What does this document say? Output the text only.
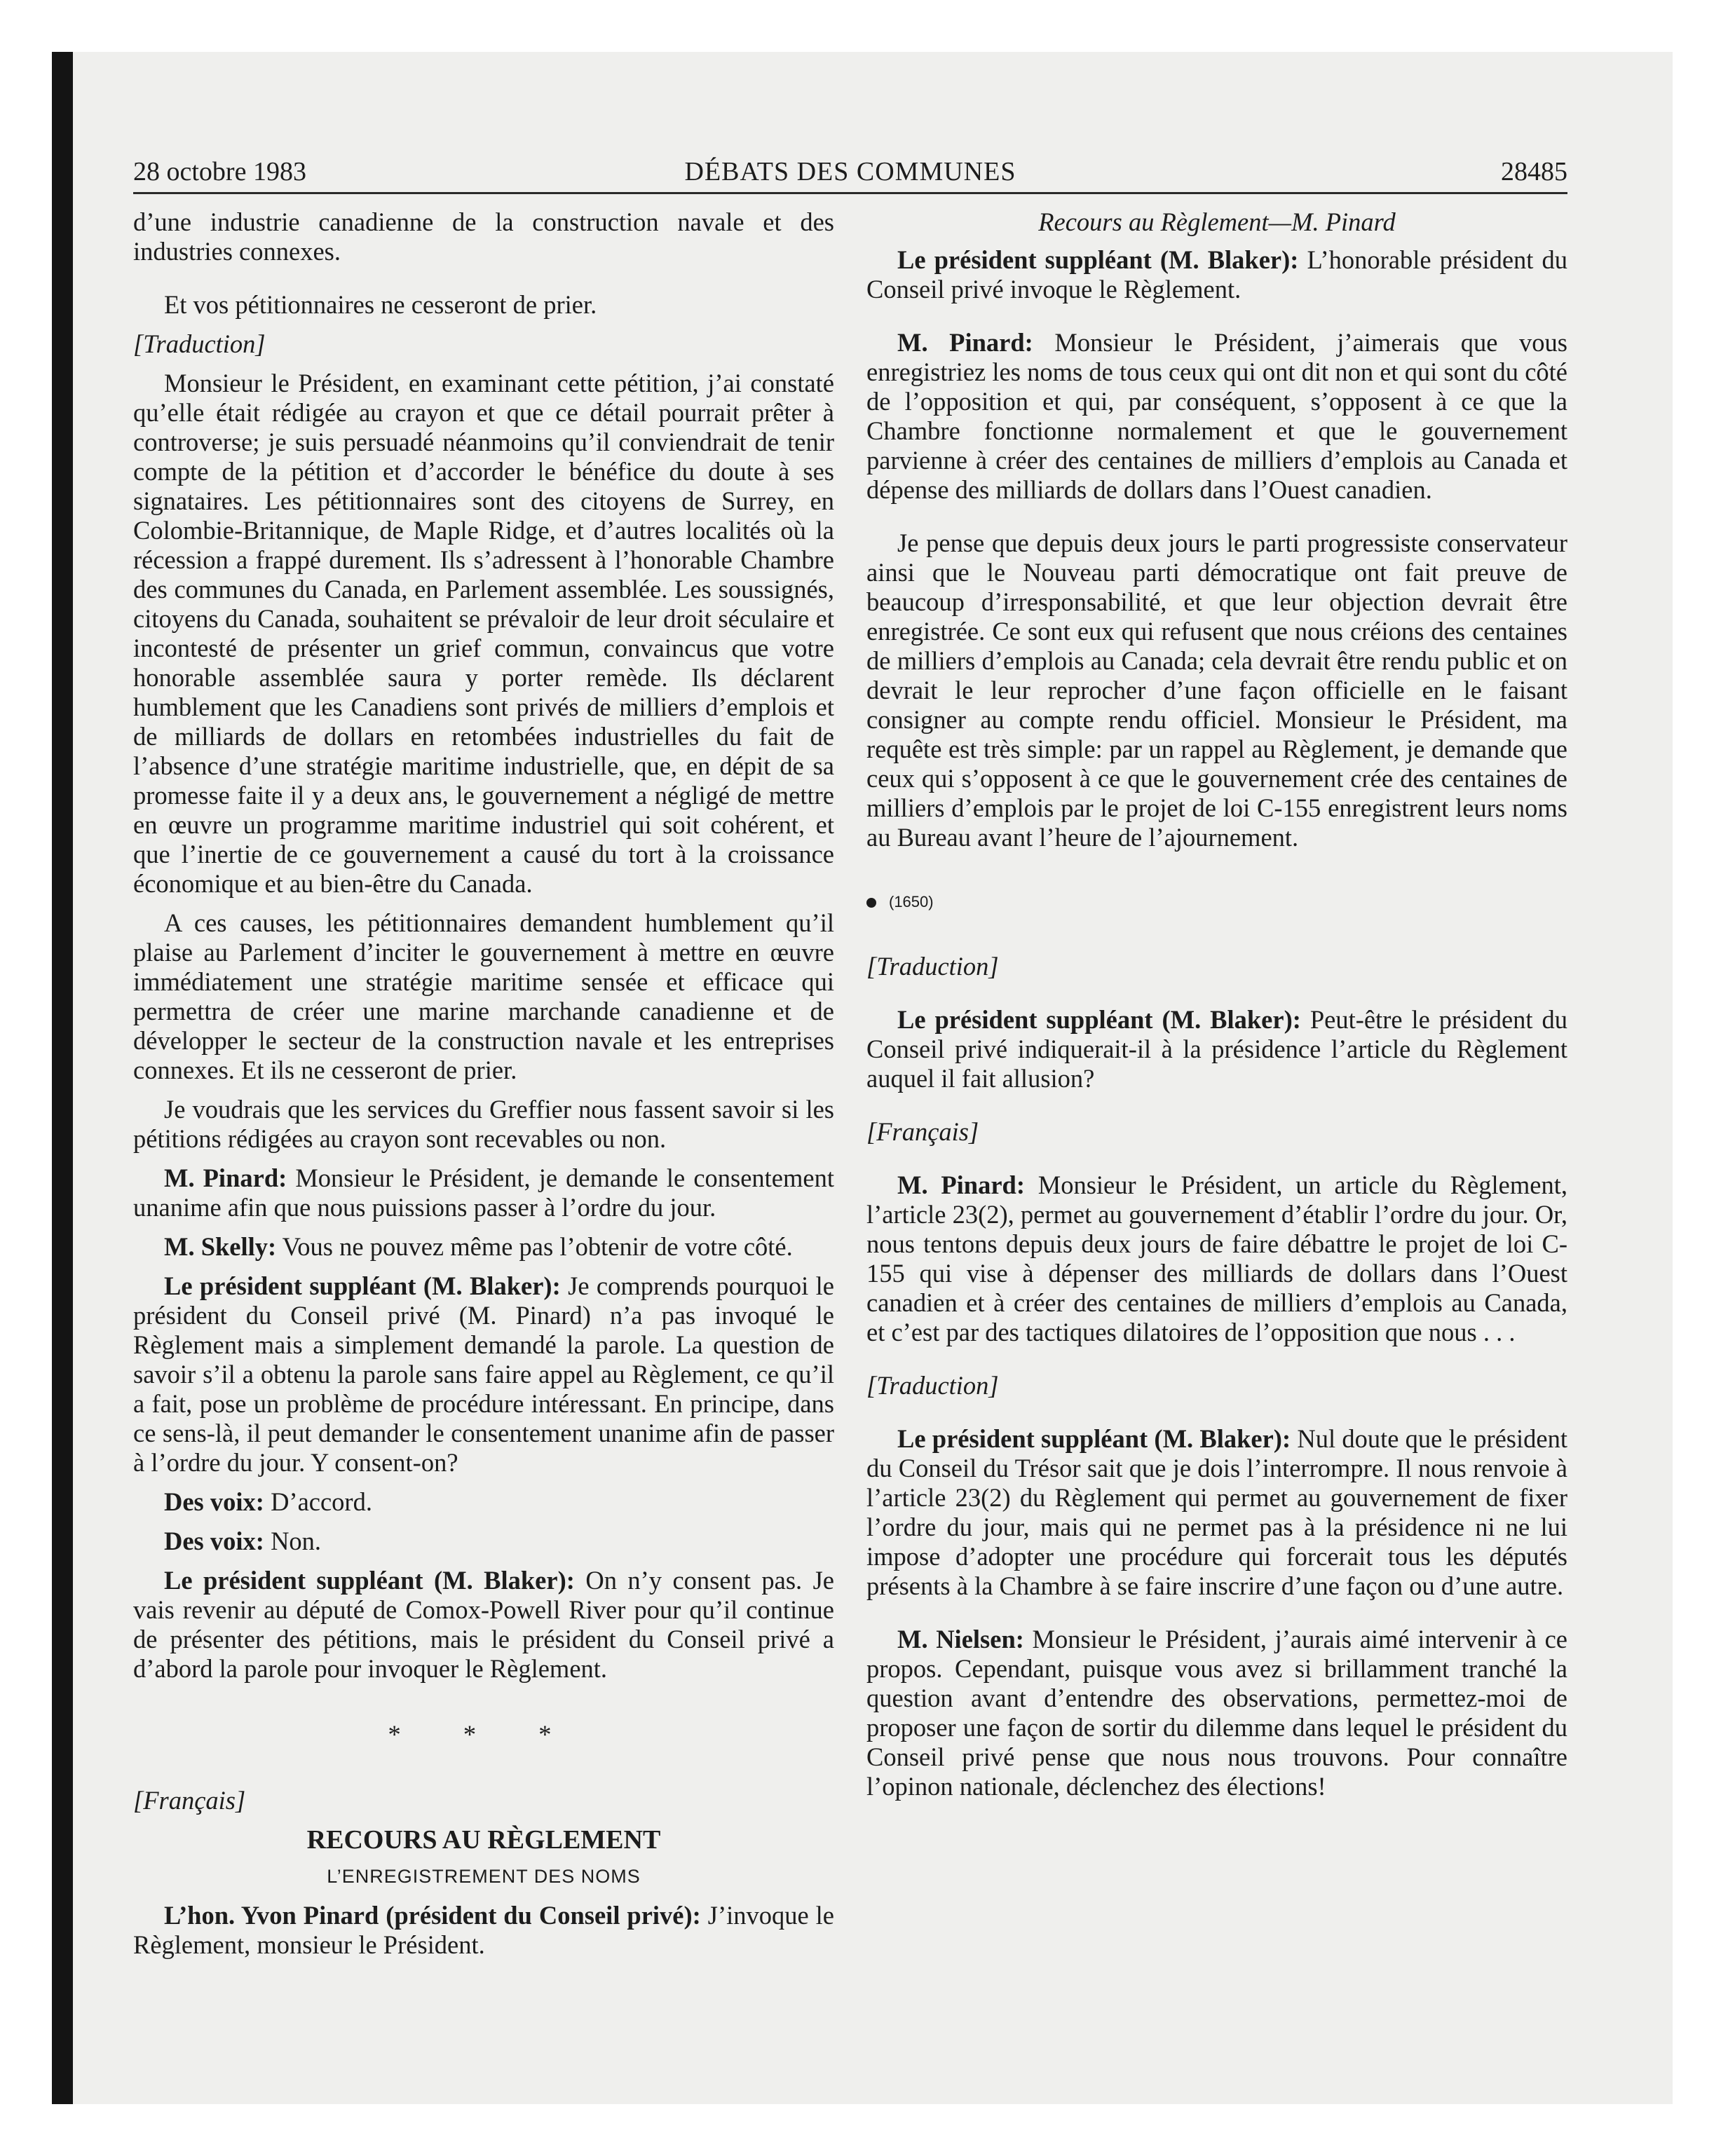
28 octobre 1983	DÉBATS DES COMMUNES	28485

d’une industrie canadienne de la construction navale et des industries connexes.

Et vos pétitionnaires ne cesseront de prier.

[Traduction]

Monsieur le Président, en examinant cette pétition, j’ai constaté qu’elle était rédigée au crayon et que ce détail pourrait prêter à controverse; je suis persuadé néanmoins qu’il conviendrait de tenir compte de la pétition et d’accorder le bénéfice du doute à ses signataires. Les pétitionnaires sont des citoyens de Surrey, en Colombie-Britannique, de Maple Ridge, et d’autres localités où la récession a frappé durement. Ils s’adressent à l’honorable Chambre des communes du Canada, en Parlement assemblée. Les soussignés, citoyens du Canada, souhaitent se prévaloir de leur droit séculaire et incontesté de présenter un grief commun, convaincus que votre honorable assemblée saura y porter remède. Ils déclarent humblement que les Canadiens sont privés de milliers d’emplois et de milliards de dollars en retombées industrielles du fait de l’absence d’une stratégie maritime industrielle, que, en dépit de sa promesse faite il y a deux ans, le gouvernement a négligé de mettre en œuvre un programme maritime industriel qui soit cohérent, et que l’inertie de ce gouvernement a causé du tort à la croissance économique et au bien-être du Canada.

A ces causes, les pétitionnaires demandent humblement qu’il plaise au Parlement d’inciter le gouvernement à mettre en œuvre immédiatement une stratégie maritime sensée et efficace qui permettra de créer une marine marchande canadienne et de développer le secteur de la construction navale et les entreprises connexes. Et ils ne cesseront de prier.

Je voudrais que les services du Greffier nous fassent savoir si les pétitions rédigées au crayon sont recevables ou non.

M. Pinard: Monsieur le Président, je demande le consentement unanime afin que nous puissions passer à l’ordre du jour.

M. Skelly: Vous ne pouvez même pas l’obtenir de votre côté.

Le président suppléant (M. Blaker): Je comprends pourquoi le président du Conseil privé (M. Pinard) n’a pas invoqué le Règlement mais a simplement demandé la parole. La question de savoir s’il a obtenu la parole sans faire appel au Règlement, ce qu’il a fait, pose un problème de procédure intéressant. En principe, dans ce sens-là, il peut demander le consentement unanime afin de passer à l’ordre du jour. Y consent-on?

Des voix: D’accord.

Des voix: Non.

Le président suppléant (M. Blaker): On n’y consent pas. Je vais revenir au député de Comox-Powell River pour qu’il continue de présenter des pétitions, mais le président du Conseil privé a d’abord la parole pour invoquer le Règlement.

* * *

[Français]

RECOURS AU RÈGLEMENT

L’ENREGISTREMENT DES NOMS

L’hon. Yvon Pinard (président du Conseil privé): J’invoque le Règlement, monsieur le Président.

Recours au Règlement—M. Pinard

Le président suppléant (M. Blaker): L’honorable président du Conseil privé invoque le Règlement.

M. Pinard: Monsieur le Président, j’aimerais que vous enregistriez les noms de tous ceux qui ont dit non et qui sont du côté de l’opposition et qui, par conséquent, s’opposent à ce que la Chambre fonctionne normalement et que le gouvernement parvienne à créer des centaines de milliers d’emplois au Canada et dépense des milliards de dollars dans l’Ouest canadien.

Je pense que depuis deux jours le parti progressiste conservateur ainsi que le Nouveau parti démocratique ont fait preuve de beaucoup d’irresponsabilité, et que leur objection devrait être enregistrée. Ce sont eux qui refusent que nous créions des centaines de milliers d’emplois au Canada; cela devrait être rendu public et on devrait le leur reprocher d’une façon officielle en le faisant consigner au compte rendu officiel. Monsieur le Président, ma requête est très simple: par un rappel au Règlement, je demande que ceux qui s’opposent à ce que le gouvernement crée des centaines de milliers d’emplois par le projet de loi C-155 enregistrent leurs noms au Bureau avant l’heure de l’ajournement.

(1650)

[Traduction]

Le président suppléant (M. Blaker): Peut-être le président du Conseil privé indiquerait-il à la présidence l’article du Règlement auquel il fait allusion?

[Français]

M. Pinard: Monsieur le Président, un article du Règlement, l’article 23(2), permet au gouvernement d’établir l’ordre du jour. Or, nous tentons depuis deux jours de faire débattre le projet de loi C-155 qui vise à dépenser des milliards de dollars dans l’Ouest canadien et à créer des centaines de milliers d’emplois au Canada, et c’est par des tactiques dilatoires de l’opposition que nous . . .

[Traduction]

Le président suppléant (M. Blaker): Nul doute que le président du Conseil du Trésor sait que je dois l’interrompre. Il nous renvoie à l’article 23(2) du Règlement qui permet au gouvernement de fixer l’ordre du jour, mais qui ne permet pas à la présidence ni ne lui impose d’adopter une procédure qui forcerait tous les députés présents à la Chambre à se faire inscrire d’une façon ou d’une autre.

M. Nielsen: Monsieur le Président, j’aurais aimé intervenir à ce propos. Cependant, puisque vous avez si brillamment tranché la question avant d’entendre des observations, permettez-moi de proposer une façon de sortir du dilemme dans lequel le président du Conseil privé pense que nous nous trouvons. Pour connaître l’opinon nationale, déclenchez des élections!
